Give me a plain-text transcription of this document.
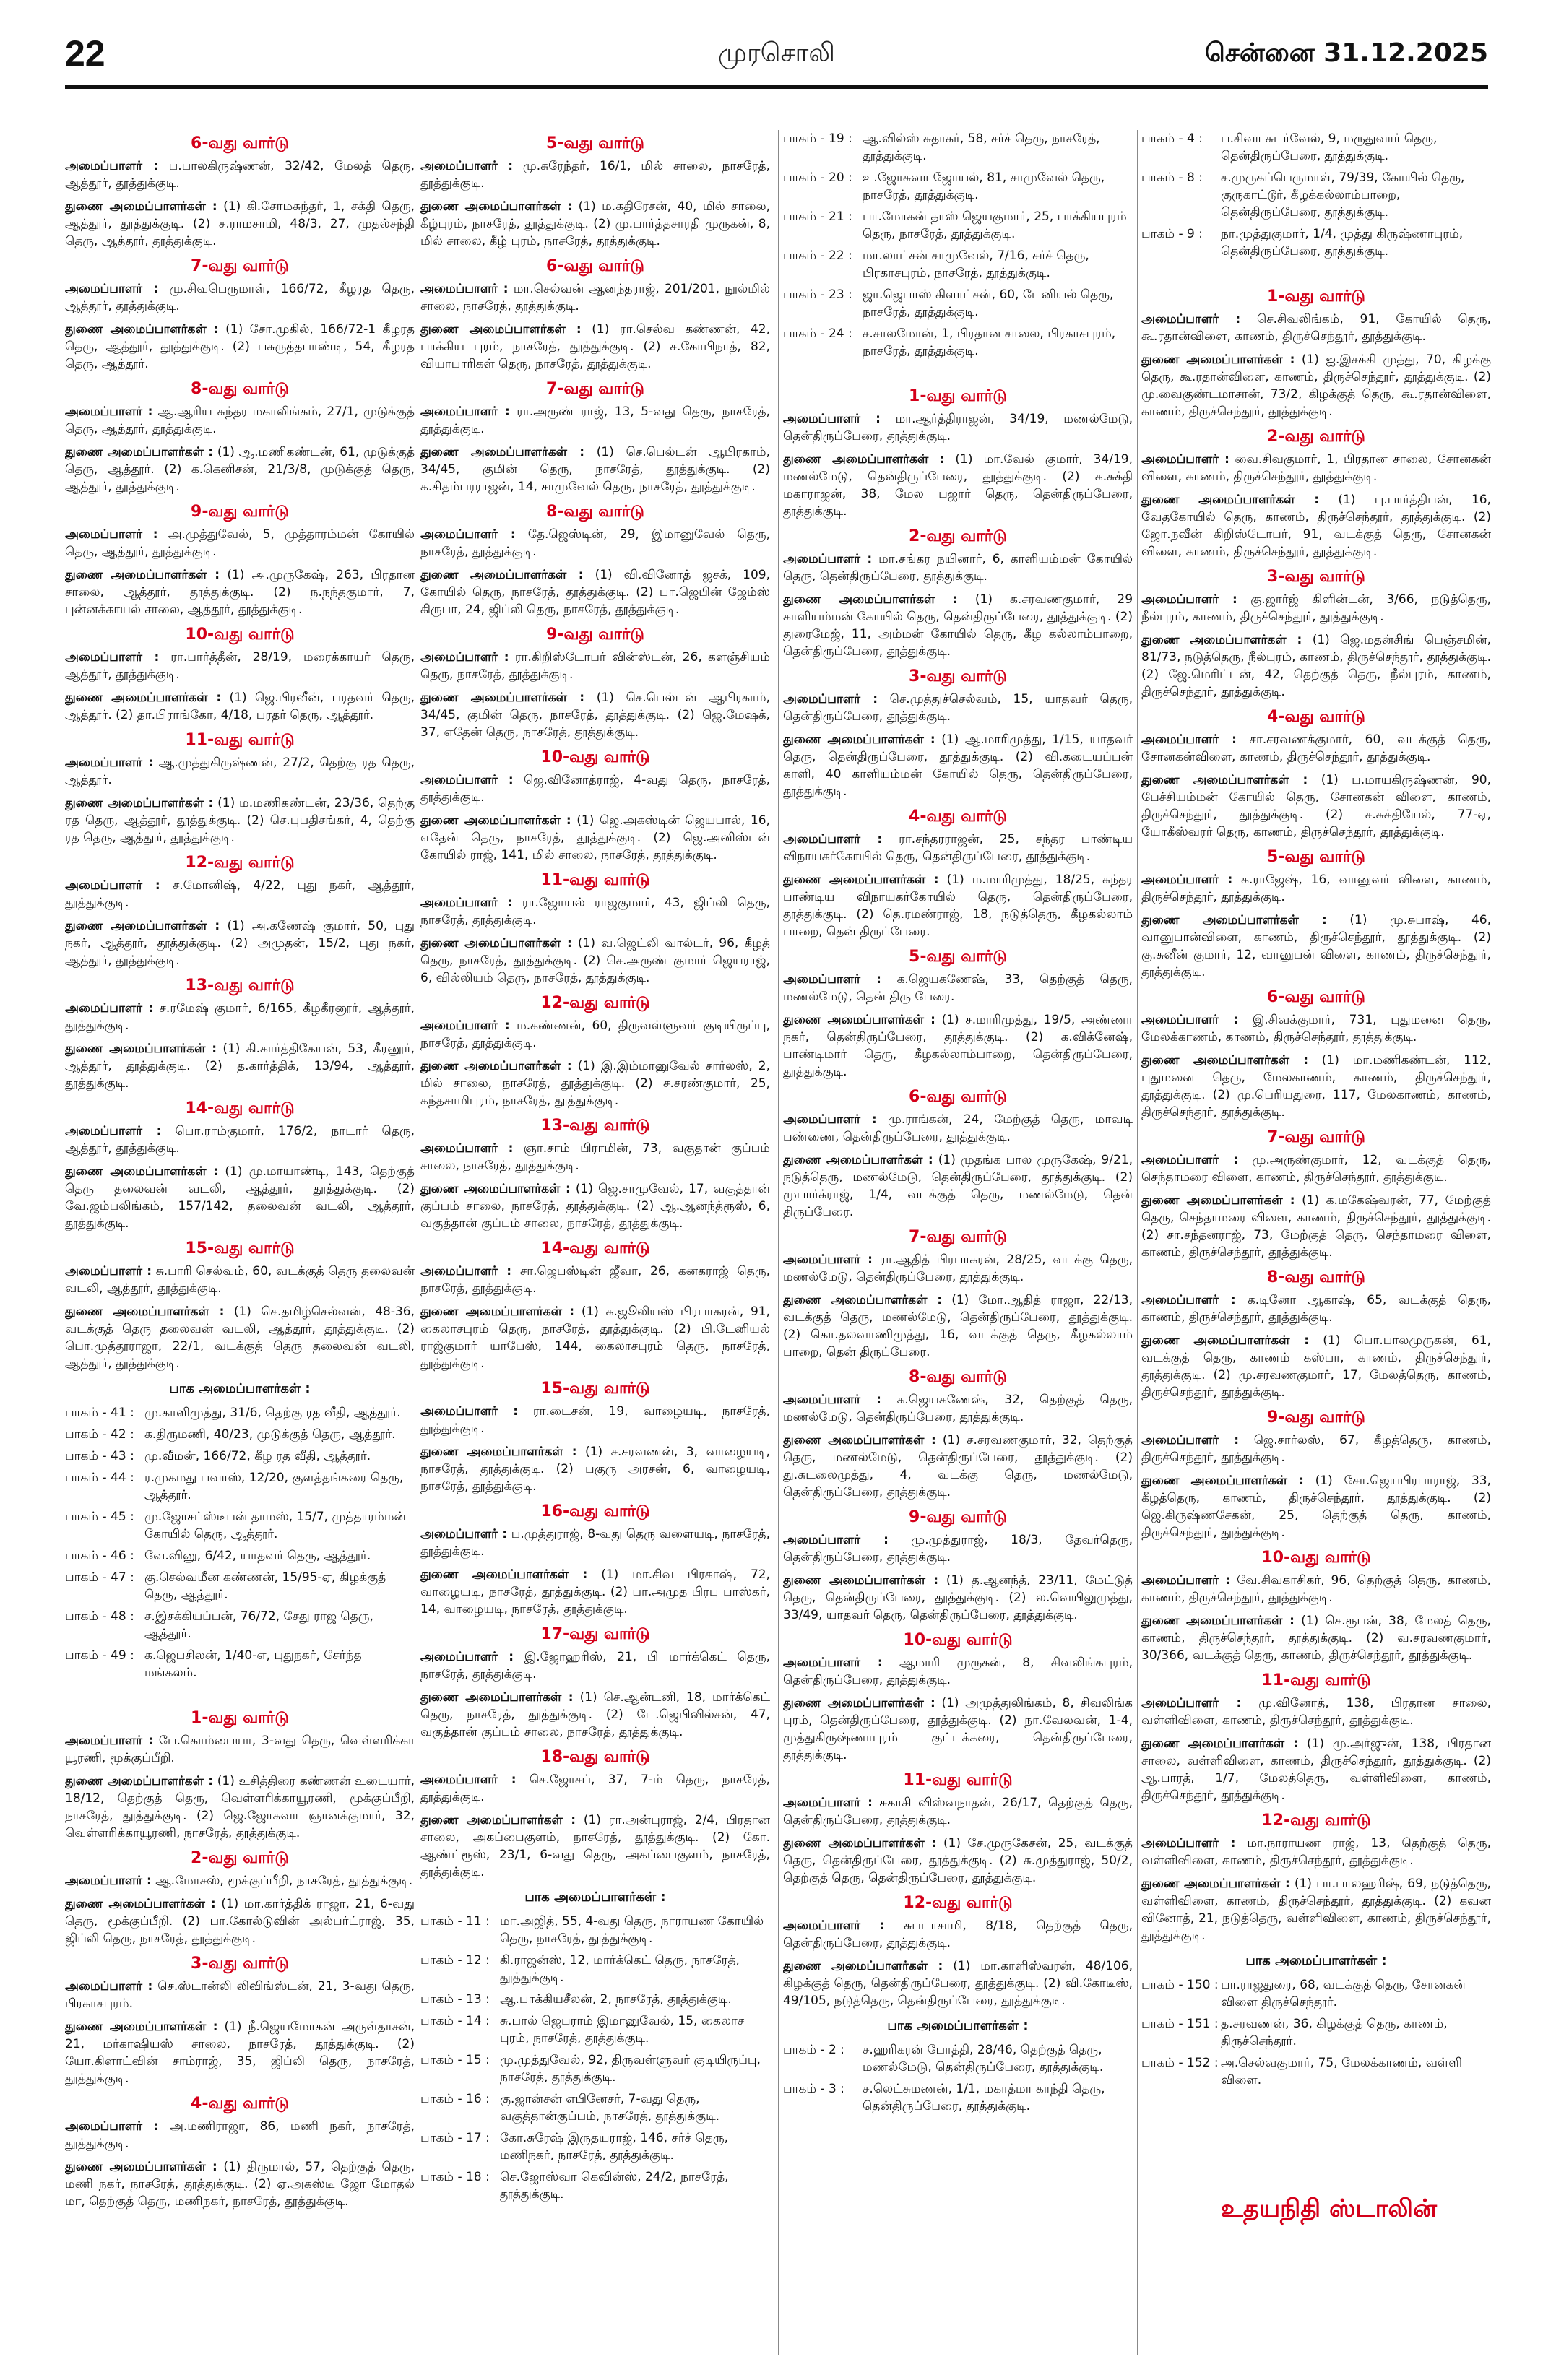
22	முரசொலி	சென்னை 31.12.2025
6-வது வார்டு
அமைப்பாளர் : ப.பாலகிருஷ்ணன், 32/42, மேலத் தெரு, ஆத்தூர், தூத்துக்குடி.
துணை அமைப்பாளர்கள் : (1) கி.சோமசுந்தர், 1, சக்தி தெரு, ஆத்தூர், தூத்துக்குடி. (2) ச.ராமசாமி, 48/3, 27, முதல்சந்தி தெரு, ஆத்தூர், தூத்துக்குடி.
7-வது வார்டு
அமைப்பாளர் : மு.சிவபெருமாள், 166/72, கீழரத தெரு, ஆத்தூர், தூத்துக்குடி.
துணை அமைப்பாளர்கள் : (1) சோ.முகில், 166/72-1 கீழரத தெரு, ஆத்தூர், தூத்துக்குடி. (2) பசுருத்தபாண்டி, 54, கீழரத தெரு, ஆத்தூர்.
8-வது வார்டு
அமைப்பாளர் : ஆ.ஆரிய சுந்தர மகாலிங்கம், 27/1, முடுக்குத் தெரு, ஆத்தூர், தூத்துக்குடி.
துணை அமைப்பாளர்கள் : (1) ஆ.மணிகண்டன், 61, முடுக்குத் தெரு, ஆத்தூர். (2) க.கெனிசன், 21/3/8, முடுக்குத் தெரு, ஆத்தூர், தூத்துக்குடி.
9-வது வார்டு
அமைப்பாளர் : அ.முத்துவேல், 5, முத்தாரம்மன் கோயில் தெரு, ஆத்தூர், தூத்துக்குடி.
துணை அமைப்பாளர்கள் : (1) அ.முருகேஷ், 263, பிரதான சாலை, ஆத்தூர், தூத்துக்குடி. (2) ந.நந்தகுமார், 7, புன்னக்காயல் சாலை, ஆத்தூர், தூத்துக்குடி.
10-வது வார்டு
அமைப்பாளர் : ரா.பார்த்தீன், 28/19, மரைக்காயர் தெரு, ஆத்தூர், தூத்துக்குடி.
துணை அமைப்பாளர்கள் : (1) ஜெ.பிரவீன், பரதவர் தெரு, ஆத்தூர். (2) தா.பிராங்கோ, 4/18, பரதர் தெரு, ஆத்தூர்.
11-வது வார்டு
அமைப்பாளர் : ஆ.முத்துகிருஷ்ணன், 27/2, தெற்கு ரத தெரு, ஆத்தூர்.
துணை அமைப்பாளர்கள் : (1) ம.மணிகண்டன், 23/36, தெற்கு ரத தெரு, ஆத்தூர், தூத்துக்குடி. (2) செ.புபதிசங்கர், 4, தெற்கு ரத தெரு, ஆத்தூர், தூத்துக்குடி.
12-வது வார்டு
அமைப்பாளர் : ச.மோனிஷ், 4/22, புது நகர், ஆத்தூர், தூத்துக்குடி.
துணை அமைப்பாளர்கள் : (1) அ.கணேஷ் குமார், 50, புது நகர், ஆத்தூர், தூத்துக்குடி. (2) அமுதன், 15/2, புது நகர், ஆத்தூர், தூத்துக்குடி.
13-வது வார்டு
அமைப்பாளர் : ச.ரமேஷ் குமார், 6/165, கீழகீரனூர், ஆத்தூர், தூத்துக்குடி.
துணை அமைப்பாளர்கள் : (1) கி.கார்த்திகேயன், 53, கீரனூர், ஆத்தூர், தூத்துக்குடி. (2) த.கார்த்திக், 13/94, ஆத்தூர், தூத்துக்குடி.
14-வது வார்டு
அமைப்பாளர் : பொ.ராம்குமார், 176/2, நாடார் தெரு, ஆத்தூர், தூத்துக்குடி.
துணை அமைப்பாளர்கள் : (1) மு.மாயாண்டி, 143, தெற்குத் தெரு தலைவன் வடலி, ஆத்தூர், தூத்துக்குடி. (2) வே.ஜம்பலிங்கம், 157/142, தலைவன் வடலி, ஆத்தூர், தூத்துக்குடி.
15-வது வார்டு
அமைப்பாளர் : சு.பாரி செல்வம், 60, வடக்குத் தெரு தலைவன் வடலி, ஆத்தூர், தூத்துக்குடி.
துணை அமைப்பாளர்கள் : (1) செ.தமிழ்செல்வன், 48-36, வடக்குத் தெரு தலைவன் வடலி, ஆத்தூர், தூத்துக்குடி. (2) பொ.முத்தூராஜா, 22/1, வடக்குத் தெரு தலைவன் வடலி, ஆத்தூர், தூத்துக்குடி.
பாக அமைப்பாளர்கள் :
பாகம் - 41 : மு.காளிமுத்து, 31/6, தெற்கு ரத வீதி, ஆத்தூர்.
பாகம் - 42 : க.திருமணி, 40/23, முடுக்குத் தெரு, ஆத்தூர்.
பாகம் - 43 : மு.வீமன், 166/72, கீழ ரத வீதி, ஆத்தூர்.
பாகம் - 44 : ர.முகமது பவாஸ், 12/20, குளத்தங்கரை தெரு, ஆத்தூர்.
பாகம் - 45 : மு.ஜோசப்ஸ்டீபன் தாமஸ், 15/7, முத்தாரம்மன் கோயில் தெரு, ஆத்தூர்.
பாகம் - 46 : வே.வினு, 6/42, யாதவர் தெரு, ஆத்தூர்.
பாகம் - 47 : கு.செல்வமீன கண்ணன், 15/95-ஏ, கிழக்குத் தெரு, ஆத்தூர்.
பாகம் - 48 : ச.இசக்கியப்பன், 76/72, சேது ராஜ தெரு, ஆத்தூர்.
பாகம் - 49 : க.ஜெபசிலன், 1/40-எ, புதுநகர், சேர்ந்த மங்கலம்.
1-வது வார்டு
அமைப்பாளர் : பே.கொம்பையா, 3-வது தெரு, வெள்ளரிக்கா யூரணி, மூக்குப்பீறி.
துணை அமைப்பாளர்கள் : (1) உசித்திரை கண்ணன் உடையார், 18/12, தெற்குத் தெரு, வெள்ளரிக்காயூரணி, மூக்குப்பீறி, நாசரேத், தூத்துக்குடி. (2) ஜெ.ஜோசுவா ஞானக்குமார், 32, வெள்ளரிக்காயூரணி, நாசரேத், தூத்துக்குடி.
2-வது வார்டு
அமைப்பாளர் : ஆ.மோசஸ், மூக்குப்பீறி, நாசரேத், தூத்துக்குடி.
துணை அமைப்பாளர்கள் : (1) மா.கார்த்திக் ராஜா, 21, 6-வது தெரு, மூக்குப்பீறி. (2) பா.கோல்டுவின் அல்பர்ட்ராஜ், 35, ஜிப்லி தெரு, நாசரேத், தூத்துக்குடி.
3-வது வார்டு
அமைப்பாளர் : செ.ஸ்டான்லி லிவிங்ஸ்டன், 21, 3-வது தெரு, பிரகாசபுரம்.
துணை அமைப்பாளர்கள் : (1) நீ.ஜெயமோகன் அருள்தாசன், 21, மர்காஷியஸ் சாலை, நாசரேத், தூத்துக்குடி. (2) யோ.கிளாட்வின் சாம்ராஜ், 35, ஜிப்லி தெரு, நாசரேத், தூத்துக்குடி.
4-வது வார்டு
அமைப்பாளர் : அ.மணிராஜா, 86, மணி நகர், நாசரேத், தூத்துக்குடி.
துணை அமைப்பாளர்கள் : (1) திருமால், 57, தெற்குத் தெரு, மணி நகர், நாசரேத், தூத்துக்குடி. (2) ஏ.அகஸ்டீ ஜோ மோதல் மா, தெற்குத் தெரு, மணிநகர், நாசரேத், தூத்துக்குடி.
5-வது வார்டு
அமைப்பாளர் : மு.சுரேந்தர், 16/1, மில் சாலை, நாசரேத், தூத்துக்குடி.
துணை அமைப்பாளர்கள் : (1) ம.கதிரேசன், 40, மில் சாலை, கீழ்புரம், நாசரேத், தூத்துக்குடி. (2) மு.பார்த்தசாரதி முருகன், 8, மில் சாலை, கீழ் புரம், நாசரேத், தூத்துக்குடி.
6-வது வார்டு
அமைப்பாளர் : மா.செல்வன் ஆனந்தராஜ், 201/201, நூல்மில் சாலை, நாசரேத், தூத்துக்குடி.
துணை அமைப்பாளர்கள் : (1) ரா.செல்வ கண்ணன், 42, பாக்கிய புரம், நாசரேத், தூத்துக்குடி. (2) ச.கோபிநாத், 82, வியாபாரிகள் தெரு, நாசரேத், தூத்துக்குடி.
7-வது வார்டு
அமைப்பாளர் : ரா.அருண் ராஜ், 13, 5-வது தெரு, நாசரேத், தூத்துக்குடி.
துணை அமைப்பாளர்கள் : (1) செ.பெல்டன் ஆபிரகாம், 34/45, குமின் தெரு, நாசரேத், தூத்துக்குடி. (2) க.சிதம்பரராஜன், 14, சாமுவேல் தெரு, நாசரேத், தூத்துக்குடி.
8-வது வார்டு
அமைப்பாளர் : தே.ஜெஸ்டின், 29, இமானுவேல் தெரு, நாசரேத், தூத்துக்குடி.
துணை அமைப்பாளர்கள் : (1) வி.வினோத் ஜசக், 109, கோயில் தெரு, நாசரேத், தூத்துக்குடி. (2) பா.ஜெபின் ஜேம்ஸ் கிருபா, 24, ஜிப்லி தெரு, நாசரேத், தூத்துக்குடி.
9-வது வார்டு
அமைப்பாளர் : ரா.கிறிஸ்டோபர் வின்ஸ்டன், 26, களஞ்சியம் தெரு, நாசரேத், தூத்துக்குடி.
துணை அமைப்பாளர்கள் : (1) செ.பெல்டன் ஆபிரகாம், 34/45, குமின் தெரு, நாசரேத், தூத்துக்குடி. (2) ஜெ.மேஷக், 37, எதேன் தெரு, நாசரேத், தூத்துக்குடி.
10-வது வார்டு
அமைப்பாளர் : ஜெ.வினோத்ராஜ், 4-வது தெரு, நாசரேத், தூத்துக்குடி.
துணை அமைப்பாளர்கள் : (1) ஜெ.அகஸ்டின் ஜெயபால், 16, எதேன் தெரு, நாசரேத், தூத்துக்குடி. (2) ஜெ.அனிஸ்டன் கோயில் ராஜ், 141, மில் சாலை, நாசரேத், தூத்துக்குடி.
11-வது வார்டு
அமைப்பாளர் : ரா.ஜோயல் ராஜகுமார், 43, ஜிப்லி தெரு, நாசரேத், தூத்துக்குடி.
துணை அமைப்பாளர்கள் : (1) வ.ஜெட்லி வால்டர், 96, கீழத் தெரு, நாசரேத், தூத்துக்குடி. (2) செ.அருண் குமார் ஜெயராஜ், 6, வில்லியம் தெரு, நாசரேத், தூத்துக்குடி.
12-வது வார்டு
அமைப்பாளர் : ம.கண்ணன், 60, திருவள்ளுவர் குடியிருப்பு, நாசரேத், தூத்துக்குடி.
துணை அமைப்பாளர்கள் : (1) இ.இம்மானுவேல் சார்லஸ், 2, மில் சாலை, நாசரேத், தூத்துக்குடி. (2) ச.சரண்குமார், 25, கந்தசாமிபுரம், நாசரேத், தூத்துக்குடி.
13-வது வார்டு
அமைப்பாளர் : ஞா.சாம் பிராமின், 73, வகுதான் குப்பம் சாலை, நாசரேத், தூத்துக்குடி.
துணை அமைப்பாளர்கள் : (1) ஜெ.சாமுவேல், 17, வகுத்தான் குப்பம் சாலை, நாசரேத், தூத்துக்குடி. (2) ஆ.ஆனந்த்ரூஸ், 6, வகுத்தான் குப்பம் சாலை, நாசரேத், தூத்துக்குடி.
14-வது வார்டு
அமைப்பாளர் : சா.ஜெபஸ்டின் ஜீவா, 26, கனகராஜ் தெரு, நாசரேத், தூத்துக்குடி.
துணை அமைப்பாளர்கள் : (1) க.ஜூலியஸ் பிரபாகரன், 91, கைலாசபுரம் தெரு, நாசரேத், தூத்துக்குடி. (2) பி.டேனியல் ராஜ்குமார் யாபேஸ், 144, கைலாசபுரம் தெரு, நாசரேத், தூத்துக்குடி.
15-வது வார்டு
அமைப்பாளர் : ரா.டைசன், 19, வாழையடி, நாசரேத், தூத்துக்குடி.
துணை அமைப்பாளர்கள் : (1) ச.சரவணன், 3, வாழையடி, நாசரேத், தூத்துக்குடி. (2) பகுரு அரசன், 6, வாழையடி, நாசரேத், தூத்துக்குடி.
16-வது வார்டு
அமைப்பாளர் : ப.முத்துராஜ், 8-வது தெரு வளையடி, நாசரேத், தூத்துக்குடி.
துணை அமைப்பாளர்கள் : (1) மா.சிவ பிரகாஷ், 72, வாழையடி, நாசரேத், தூத்துக்குடி. (2) பா.அமுத பிரபு பாஸ்கர், 14, வாழையடி, நாசரேத், தூத்துக்குடி.
17-வது வார்டு
அமைப்பாளர் : இ.ஜோஹரிஸ், 21, பி மார்க்கெட் தெரு, நாசரேத், தூத்துக்குடி.
துணை அமைப்பாளர்கள் : (1) செ.ஆன்டனி, 18, மார்க்கெட் தெரு, நாசரேத், தூத்துக்குடி. (2) டே.ஜெபிவில்சன், 47, வகுத்தான் குப்பம் சாலை, நாசரேத், தூத்துக்குடி.
18-வது வார்டு
அமைப்பாளர் : செ.ஜோசப், 37, 7-ம் தெரு, நாசரேத், தூத்துக்குடி.
துணை அமைப்பாளர்கள் : (1) ரா.அன்புராஜ், 2/4, பிரதான சாலை, அகப்பைகுளம், நாசரேத், தூத்துக்குடி. (2) கோ. ஆண்ட்ரூஸ், 23/1, 6-வது தெரு, அகப்பைகுளம், நாசரேத், தூத்துக்குடி.
பாக அமைப்பாளர்கள் :
பாகம் - 11 : மா.அஜித், 55, 4-வது தெரு, நாராயண கோயில் தெரு, நாசரேத், தூத்துக்குடி.
பாகம் - 12 : கி.ராஜன்ஸ், 12, மார்க்கெட் தெரு, நாசரேத், தூத்துக்குடி.
பாகம் - 13 : ஆ.பாக்கியசீலன், 2, நாசரேத், தூத்துக்குடி.
பாகம் - 14 : சு.பால் ஜெபராம் இமானுவேல், 15, கைலாச புரம், நாசரேத், தூத்துக்குடி.
பாகம் - 15 : மு.முத்துவேல், 92, திருவள்ளுவர் குடியிருப்பு, நாசரேத், தூத்துக்குடி.
பாகம் - 16 : கு.ஜான்சன் எபினேசர், 7-வது தெரு, வகுத்தான்குப்பம், நாசரேத், தூத்துக்குடி.
பாகம் - 17 : கோ.சுரேஷ் இருதயராஜ், 146, சர்ச் தெரு, மணிநகர், நாசரேத், தூத்துக்குடி.
பாகம் - 18 : செ.ஜோஸ்வா கெவின்ஸ், 24/2, நாசரேத், தூத்துக்குடி.
பாகம் - 19 : ஆ.வில்ஸ் சுதாகர், 58, சர்ச் தெரு, நாசரேத், தூத்துக்குடி.
பாகம் - 20 : உ.ஜோசுவா ஜோயல், 81, சாமுவேல் தெரு, நாசரேத், தூத்துக்குடி.
பாகம் - 21 : பா.மோகன் தாஸ் ஜெயகுமார், 25, பாக்கியபுரம் தெரு, நாசரேத், தூத்துக்குடி.
பாகம் - 22 : மா.லாட்சன் சாமுவேல், 7/16, சர்ச் தெரு, பிரகாசபுரம், நாசரேத், தூத்துக்குடி.
பாகம் - 23 : ஜா.ஜெபாஸ் கிளாட்சன், 60, டேனியல் தெரு, நாசரேத், தூத்துக்குடி.
பாகம் - 24 : ச.சாலமோன், 1, பிரதான சாலை, பிரகாசபுரம், நாசரேத், தூத்துக்குடி.
1-வது வார்டு
அமைப்பாளர் : மா.ஆர்த்திராஜன், 34/19, மணல்மேடு, தென்திருப்பேரை, தூத்துக்குடி.
துணை அமைப்பாளர்கள் : (1) மா.வேல் குமார், 34/19, மணல்மேடு, தென்திருப்பேரை, தூத்துக்குடி. (2) க.சுக்தி மகாராஜன், 38, மேல பஜார் தெரு, தென்திருப்பேரை, தூத்துக்குடி.
2-வது வார்டு
அமைப்பாளர் : மா.சங்கர நயினார், 6, காளியம்மன் கோயில் தெரு, தென்திருப்பேரை, தூத்துக்குடி.
துணை அமைப்பாளர்கள் : (1) க.சரவணகுமார், 29 காளியம்மன் கோயில் தெரு, தென்திருப்பேரை, தூத்துக்குடி. (2) துரைமேஜ், 11, அம்மன் கோயில் தெரு, கீழ கல்லாம்பாறை, தென்திருப்பேரை, தூத்துக்குடி.
3-வது வார்டு
அமைப்பாளர் : செ.முத்துச்செல்வம், 15, யாதவர் தெரு, தென்திருப்பேரை, தூத்துக்குடி.
துணை அமைப்பாளர்கள் : (1) ஆ.மாரிமுத்து, 1/15, யாதவர் தெரு, தென்திருப்பேரை, தூத்துக்குடி. (2) வி.கடையப்பன் காளி, 40 காளியம்மன் கோயில் தெரு, தென்திருப்பேரை, தூத்துக்குடி.
4-வது வார்டு
அமைப்பாளர் : ரா.சந்தரராஜன், 25, சந்தர பாண்டிய விநாயகர்கோயில் தெரு, தென்திருப்பேரை, தூத்துக்குடி.
துணை அமைப்பாளர்கள் : (1) ம.மாரிமுத்து, 18/25, சுந்தர பாண்டிய விநாயகர்கோயில் தெரு, தென்திருப்பேரை, தூத்துக்குடி. (2) தெ.ரமண்ராஜ், 18, நடுத்தெரு, கீழகல்லாம் பாறை, தென் திருப்பேரை.
5-வது வார்டு
அமைப்பாளர் : க.ஜெயகணேஷ், 33, தெற்குத் தெரு, மணல்மேடு, தென் திரு பேரை.
துணை அமைப்பாளர்கள் : (1) ச.மாரிமுத்து, 19/5, அண்ணா நகர், தென்திருப்பேரை, தூத்துக்குடி. (2) க.விக்னேஷ், பாண்டிமார் தெரு, கீழகல்லாம்பாறை, தென்திருப்பேரை, தூத்துக்குடி.
6-வது வார்டு
அமைப்பாளர் : மு.ராங்கன், 24, மேற்குத் தெரு, மாவடி பண்ணை, தென்திருப்பேரை, தூத்துக்குடி.
துணை அமைப்பாளர்கள் : (1) முதங்க பால முருகேஷ், 9/21, நடுத்தெரு, மணல்மேடு, தென்திருப்பேரை, தூத்துக்குடி. (2) முபார்க்ராஜ், 1/4, வடக்குத் தெரு, மணல்மேடு, தென் திருப்பேரை.
7-வது வார்டு
அமைப்பாளர் : ரா.ஆதித் பிரபாகரன், 28/25, வடக்கு தெரு, மணல்மேடு, தென்திருப்பேரை, தூத்துக்குடி.
துணை அமைப்பாளர்கள் : (1) மோ.ஆதித் ராஜா, 22/13, வடக்குத் தெரு, மணல்மேடு, தென்திருப்பேரை, தூத்துக்குடி. (2) கொ.தலவாணிமுத்து, 16, வடக்குத் தெரு, கீழகல்லாம் பாறை, தென் திருப்பேரை.
8-வது வார்டு
அமைப்பாளர் : க.ஜெயகணேஷ், 32, தெற்குத் தெரு, மணல்மேடு, தென்திருப்பேரை, தூத்துக்குடி.
துணை அமைப்பாளர்கள் : (1) ச.சரவணகுமார், 32, தெற்குத் தெரு, மணல்மேடு, தென்திருப்பேரை, தூத்துக்குடி. (2) து.சுடலைமுத்து, 4, வடக்கு தெரு, மணல்மேடு, தென்திருப்பேரை, தூத்துக்குடி.
9-வது வார்டு
அமைப்பாளர் : மு.முத்துராஜ், 18/3, தேவர்தெரு, தென்திருப்பேரை, தூத்துக்குடி.
துணை அமைப்பாளர்கள் : (1) த.ஆனந்த், 23/11, மேட்டுத் தெரு, தென்திருப்பேரை, தூத்துக்குடி. (2) ல.வெயிலுமுத்து, 33/49, யாதவர் தெரு, தென்திருப்பேரை, தூத்துக்குடி.
10-வது வார்டு
அமைப்பாளர் : ஆமாரி முருகன், 8, சிவலிங்கபுரம், தென்திருப்பேரை, தூத்துக்குடி.
துணை அமைப்பாளர்கள் : (1) அமுத்துலிங்கம், 8, சிவலிங்க புரம், தென்திருப்பேரை, தூத்துக்குடி. (2) நா.வேலவன், 1-4, முத்துகிருஷ்ணாபுரம் குட்டக்கரை, தென்திருப்பேரை, தூத்துக்குடி.
11-வது வார்டு
அமைப்பாளர் : சுகாசி விஸ்வநாதன், 26/17, தெற்குத் தெரு, தென்திருப்பேரை, தூத்துக்குடி.
துணை அமைப்பாளர்கள் : (1) சே.முருகேசன், 25, வடக்குத் தெரு, தென்திருப்பேரை, தூத்துக்குடி. (2) சு.முத்துராஜ், 50/2, தெற்குத் தெரு, தென்திருப்பேரை, தூத்துக்குடி.
12-வது வார்டு
அமைப்பாளர் : சுபடாசாமி, 8/18, தெற்குத் தெரு, தென்திருப்பேரை, தூத்துக்குடி.
துணை அமைப்பாளர்கள் : (1) மா.காளிஸ்வரன், 48/106, கிழக்குத் தெரு, தென்திருப்பேரை, தூத்துக்குடி. (2) வி.கோடீஸ், 49/105, நடுத்தெரு, தென்திருப்பேரை, தூத்துக்குடி.
பாக அமைப்பாளர்கள் :
பாகம் - 2 :	ச.ஹரிகரன் போத்தி, 28/46, தெற்குத் தெரு, மணல்மேடு, தென்திருப்பேரை, தூத்துக்குடி.
பாகம் - 3 :	ச.லெட்சுமணன், 1/1, மகாத்மா காந்தி தெரு, தென்திருப்பேரை, தூத்துக்குடி.
பாகம் - 4 :	ப.சிவா சுடர்வேல், 9, மருதுவார் தெரு, தென்திருப்பேரை, தூத்துக்குடி.
பாகம் - 8 :	ச.முருகப்பெருமாள், 79/39, கோயில் தெரு, குருகாட்டூர், கீழக்கல்லாம்பாறை, தென்திருப்பேரை, தூத்துக்குடி.
பாகம் - 9 :	நா.முத்துகுமார், 1/4, முத்து கிருஷ்ணாபுரம், தென்திருப்பேரை, தூத்துக்குடி.
1-வது வார்டு
அமைப்பாளர் : செ.சிவலிங்கம், 91, கோயில் தெரு, கூ.ரதான்விளை, காணம், திருச்செந்தூர், தூத்துக்குடி.
துணை அமைப்பாளர்கள் : (1) ஐ.இசக்கி முத்து, 70, கிழக்கு தெரு, கூ.ரதான்விளை, காணம், திருச்செந்தூர், தூத்துக்குடி. (2) மு.வைகுண்டமாசான், 73/2, கிழக்குத் தெரு, கூ.ரதான்விளை, காணம், திருச்செந்தூர், தூத்துக்குடி.
2-வது வார்டு
அமைப்பாளர் : வை.சிவகுமார், 1, பிரதான சாலை, சோனகன் விளை, காணம், திருச்செந்தூர், தூத்துக்குடி.
துணை அமைப்பாளர்கள் : (1) பு.பார்த்திபன், 16, வேதகோயில் தெரு, காணம், திருச்செந்தூர், தூத்துக்குடி. (2) ஜோ.நவீன் கிறிஸ்டோபர், 91, வடக்குத் தெரு, சோனகன் விளை, காணம், திருச்செந்தூர், தூத்துக்குடி.
3-வது வார்டு
அமைப்பாளர் : கு.ஜார்ஜ் கிளின்டன், 3/66, நடுத்தெரு, நீல்புரம், காணம், திருச்செந்தூர், தூத்துக்குடி.
துணை அமைப்பாளர்கள் : (1) ஜெ.மதன்சிங் பெஞ்சமின், 81/73, நடுத்தெரு, நீல்புரம், காணம், திருச்செந்தூர், தூத்துக்குடி. (2) ஜே.மெரிட்டன், 42, தெற்குத் தெரு, நீல்புரம், காணம், திருச்செந்தூர், தூத்துக்குடி.
4-வது வார்டு
அமைப்பாளர் : சா.சரவணக்குமார், 60, வடக்குத் தெரு, சோனகன்விளை, காணம், திருச்செந்தூர், தூத்துக்குடி.
துணை அமைப்பாளர்கள் : (1) ப.மாயகிருஷ்ணன், 90, பேச்சியம்மன் கோயில் தெரு, சோனகன் விளை, காணம், திருச்செந்தூர், தூத்துக்குடி. (2) ச.சுக்தியேல், 77-ஏ, யோகீஸ்வரர் தெரு, காணம், திருச்செந்தூர், தூத்துக்குடி.
5-வது வார்டு
அமைப்பாளர் : க.ராஜேஷ், 16, வானுவர் விளை, காணம், திருச்செந்தூர், தூத்துக்குடி.
துணை அமைப்பாளர்கள் : (1) மு.சுபாஷ், 46, வானுபான்விளை, காணம், திருச்செந்தூர், தூத்துக்குடி. (2) கு.சுனீன் குமார், 12, வானுபன் விளை, காணம், திருச்செந்தூர், தூத்துக்குடி.
6-வது வார்டு
அமைப்பாளர் : இ.சிவக்குமார், 731, புதுமனை தெரு, மேலக்காணம், காணம், திருச்செந்தூர், தூத்துக்குடி.
துணை அமைப்பாளர்கள் : (1) மா.மணிகண்டன், 112, புதுமனை தெரு, மேலகாணம், காணம், திருச்செந்தூர், தூத்துக்குடி. (2) மு.பெரியதுரை, 117, மேலகாணம், காணம், திருச்செந்தூர், தூத்துக்குடி.
7-வது வார்டு
அமைப்பாளர் : மு.அருண்குமார், 12, வடக்குத் தெரு, செந்தாமரை விளை, காணம், திருச்செந்தூர், தூத்துக்குடி.
துணை அமைப்பாளர்கள் : (1) க.மகேஷ்வரன், 77, மேற்குத் தெரு, செந்தாமரை விளை, காணம், திருச்செந்தூர், தூத்துக்குடி. (2) சா.சந்தனராஜ், 73, மேற்குத் தெரு, செந்தாமரை விளை, காணம், திருச்செந்தூர், தூத்துக்குடி.
8-வது வார்டு
அமைப்பாளர் : க.டினோ ஆகாஷ், 65, வடக்குத் தெரு, காணம், திருச்செந்தூர், தூத்துக்குடி.
துணை அமைப்பாளர்கள் : (1) பொ.பாலமுருகன், 61, வடக்குத் தெரு, காணம் கஸ்பா, காணம், திருச்செந்தூர், தூத்துக்குடி. (2) மு.சரவணகுமார், 17, மேலத்தெரு, காணம், திருச்செந்தூர், தூத்துக்குடி.
9-வது வார்டு
அமைப்பாளர் : ஜெ.சார்லஸ், 67, கீழத்தெரு, காணம், திருச்செந்தூர், தூத்துக்குடி.
துணை அமைப்பாளர்கள் : (1) சோ.ஜெயபிரபாராஜ், 33, கீழத்தெரு, காணம், திருச்செந்தூர், தூத்துக்குடி. (2) ஜெ.கிருஷ்ணசேகன், 25, தெற்குத் தெரு, காணம், திருச்செந்தூர், தூத்துக்குடி.
10-வது வார்டு
அமைப்பாளர் : வே.சிவகாசிகர், 96, தெற்குத் தெரு, காணம், காணம், திருச்செந்தூர், தூத்துக்குடி.
துணை அமைப்பாளர்கள் : (1) செ.ரூபன், 38, மேலத் தெரு, காணம், திருச்செந்தூர், தூத்துக்குடி. (2) வ.சரவணகுமார், 30/366, வடக்குத் தெரு, காணம், திருச்செந்தூர், தூத்துக்குடி.
11-வது வார்டு
அமைப்பாளர் : மு.வினோத், 138, பிரதான சாலை, வள்ளிவிளை, காணம், திருச்செந்தூர், தூத்துக்குடி.
துணை அமைப்பாளர்கள் : (1) மு.அர்ஜுன், 138, பிரதான சாலை, வள்ளிவிளை, காணம், திருச்செந்தூர், தூத்துக்குடி. (2) ஆ.பாரத், 1/7, மேலத்தெரு, வள்ளிவிளை, காணம், திருச்செந்தூர், தூத்துக்குடி.
12-வது வார்டு
அமைப்பாளர் : மா.நாராயண ராஜ், 13, தெற்குத் தெரு, வள்ளிவிளை, காணம், திருச்செந்தூர், தூத்துக்குடி.
துணை அமைப்பாளர்கள் : (1) பா.பாலஹரிஷ், 69, நடுத்தெரு, வள்ளிவிளை, காணம், திருச்செந்தூர், தூத்துக்குடி. (2) கவன வினோத், 21, நடுத்தெரு, வள்ளிவிளை, காணம், திருச்செந்தூர், தூத்துக்குடி.
பாக அமைப்பாளர்கள் :
பாகம் - 150 : பா.ராஜதுரை, 68, வடக்குத் தெரு, சோனகன் விளை திருச்செந்தூர்.
பாகம் - 151 : த.சரவணன், 36, கிழக்குத் தெரு, காணம், திருச்செந்தூர்.
பாகம் - 152 : அ.செல்வகுமார், 75, மேலக்காணம், வள்ளி விளை.
உதயநிதி ஸ்டாலின்
